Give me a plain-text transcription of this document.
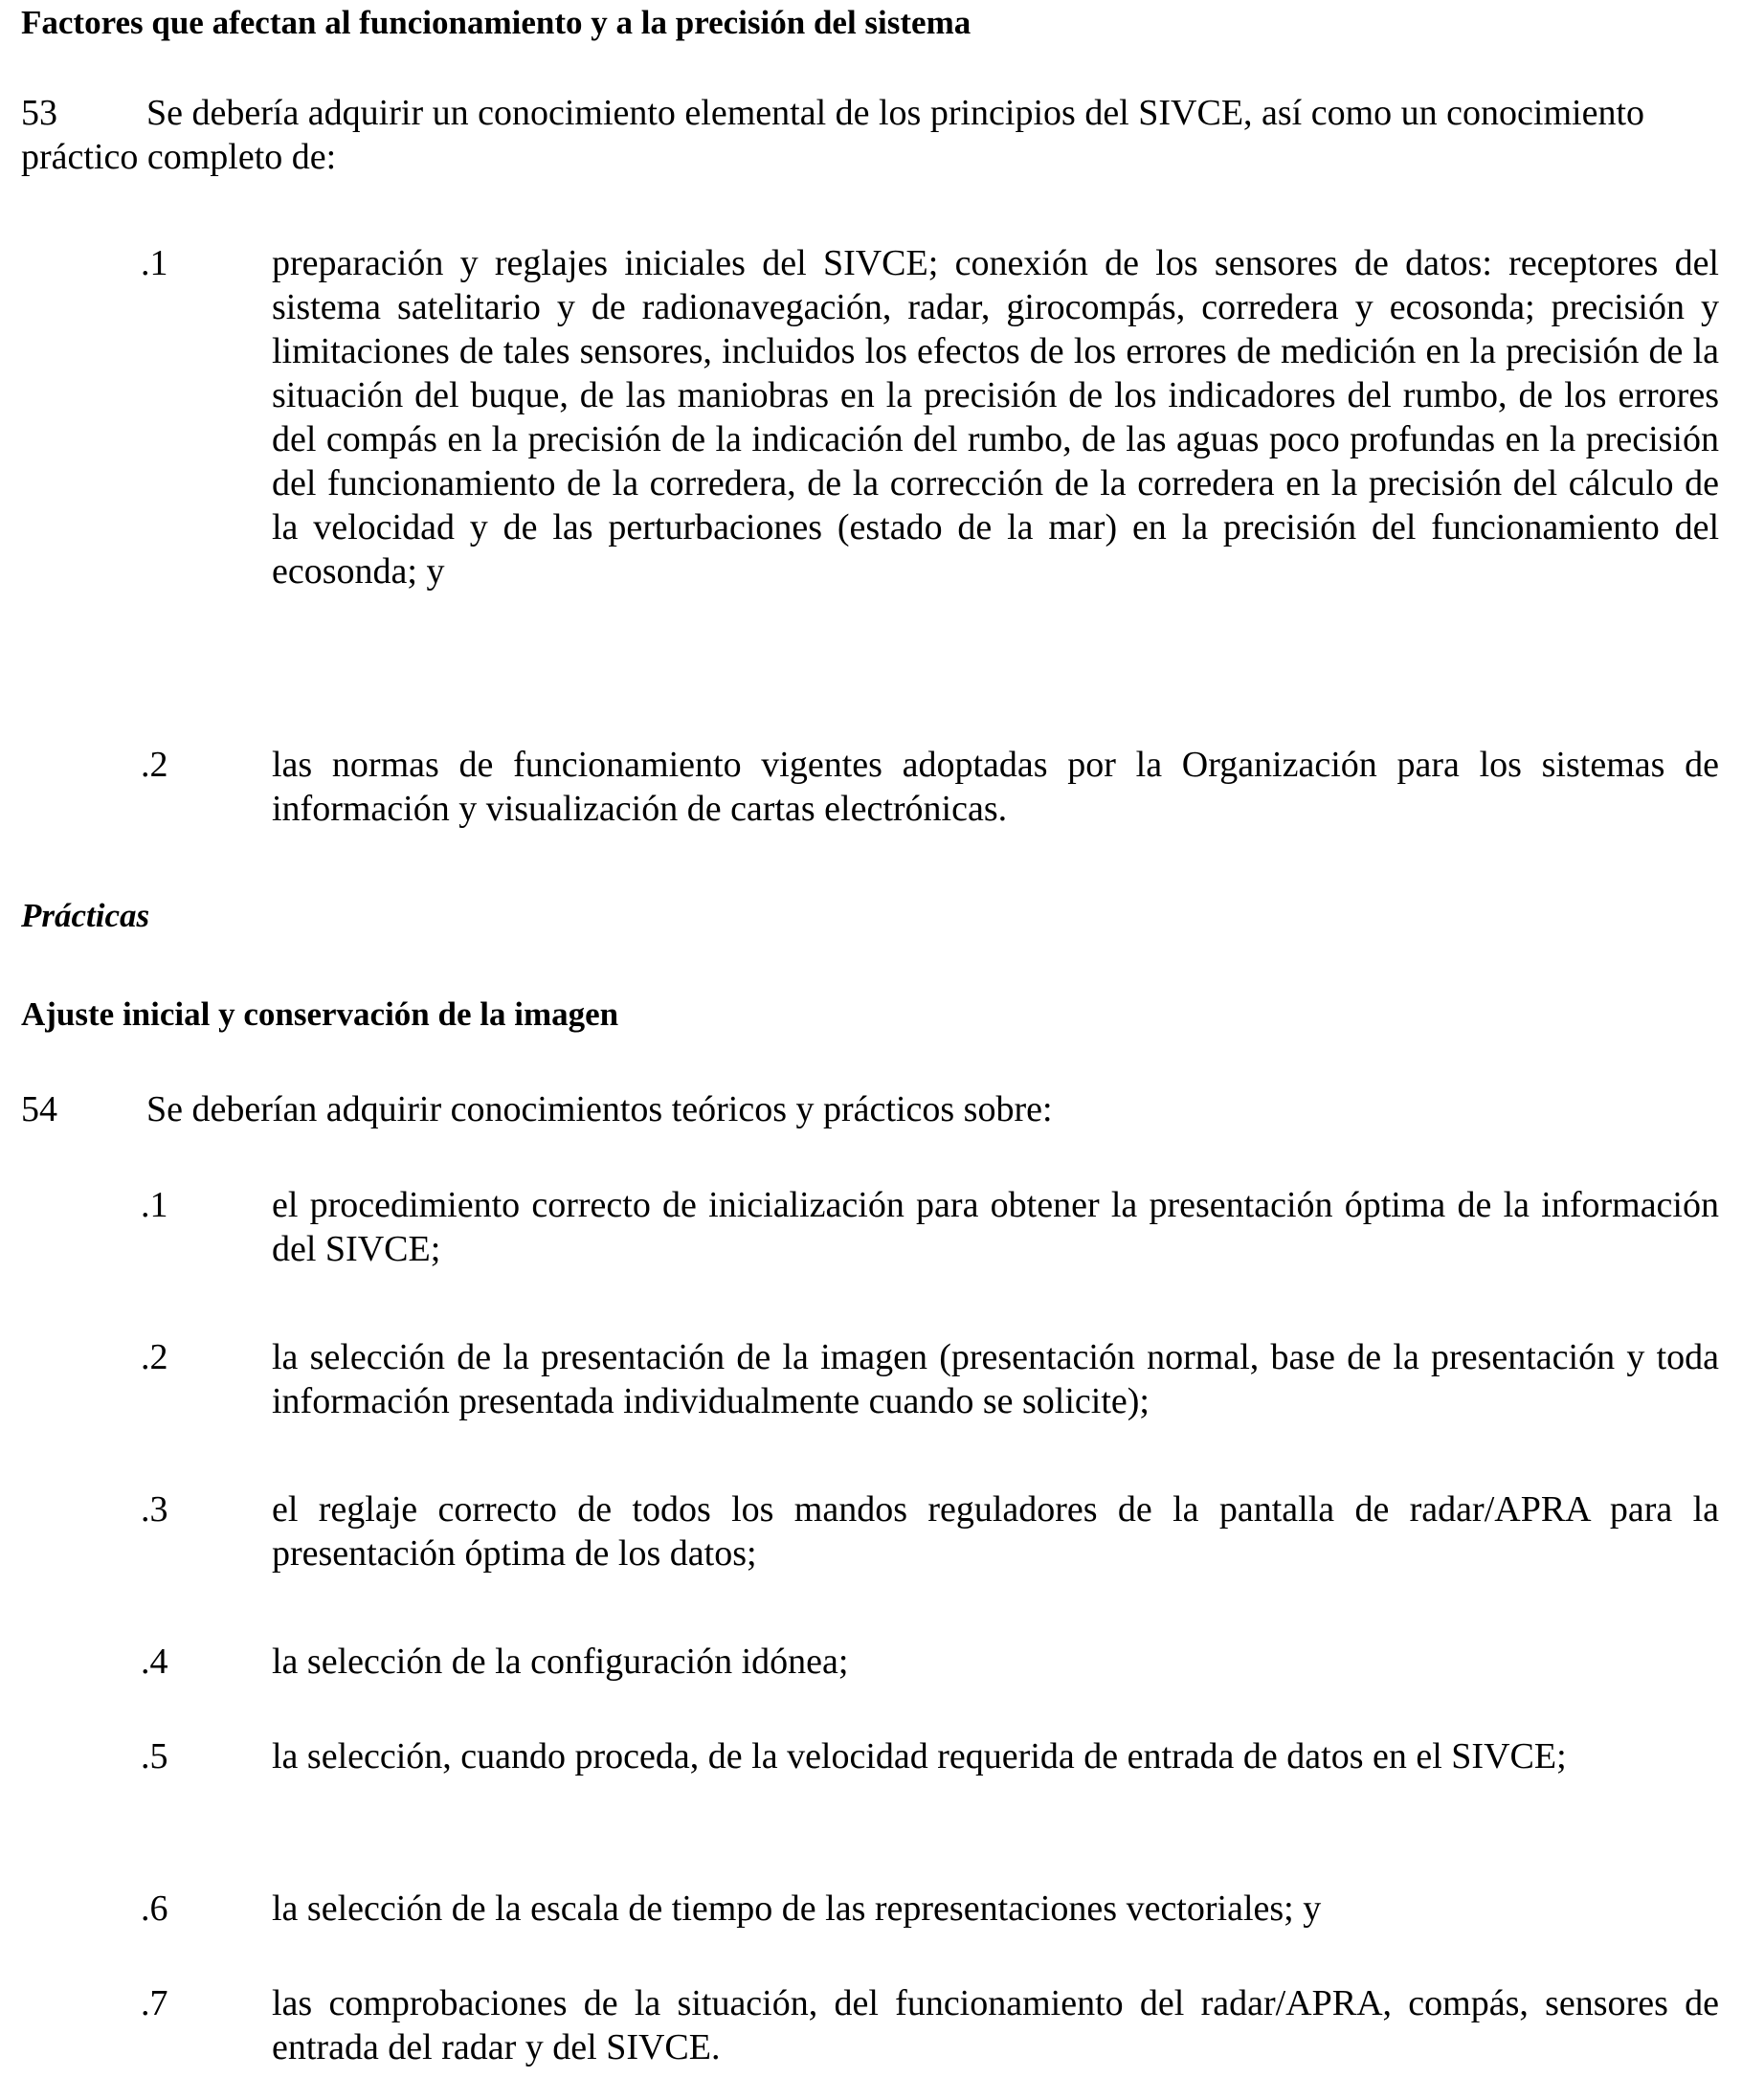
Factores que afectan al funcionamiento y a la precisión del sistema

53 Se debería adquirir un conocimiento elemental de los principios del SIVCE, así como un conocimiento práctico completo de:

.1	preparación y reglajes iniciales del SIVCE; conexión de los sensores de datos: receptores del sistema satelitario y de radionavegación, radar, girocompás, corredera y ecosonda; precisión y limitaciones de tales sensores, incluidos los efectos de los errores de medición en la precisión de la situación del buque, de las maniobras en la precisión de los indicadores del rumbo, de los errores del compás en la precisión de la indicación del rumbo, de las aguas poco profundas en la precisión del funcionamiento de la corredera, de la corrección de la corredera en la precisión del cálculo de la velocidad y de las perturbaciones (estado de la mar) en la precisión del funcionamiento del ecosonda; y

.2	las normas de funcionamiento vigentes adoptadas por la Organización para los sistemas de información y visualización de cartas electrónicas.

Prácticas
Ajuste inicial y conservación de la imagen

54 Se deberían adquirir conocimientos teóricos y prácticos sobre:

.1	el procedimiento correcto de inicialización para obtener la presentación óptima de la información del SIVCE;

.2	la selección de la presentación de la imagen (presentación normal, base de la presentación y toda información presentada individualmente cuando se solicite);

.3	el reglaje correcto de todos los mandos reguladores de la pantalla de radar/APRA para la presentación óptima de los datos;

.4	la selección de la configuración idónea;

.5	la selección, cuando proceda, de la velocidad requerida de entrada de datos en el SIVCE;

.6	la selección de la escala de tiempo de las representaciones vectoriales; y

.7	las comprobaciones de la situación, del funcionamiento del radar/APRA, compás, sensores de entrada del radar y del SIVCE.
